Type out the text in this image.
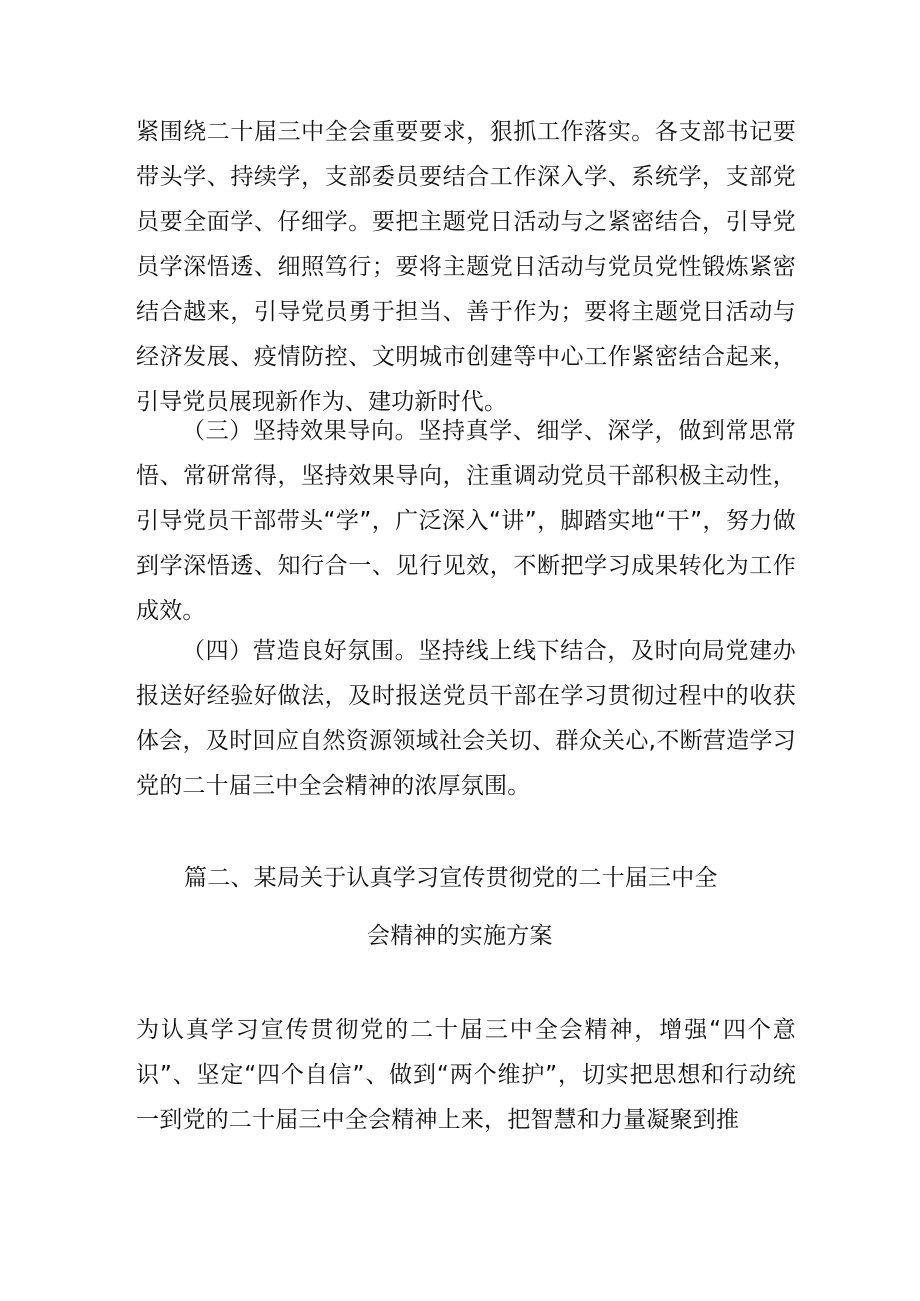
紧围绕二十届三中全会重要要求，狠抓工作落实。各支部书记要带头学、持续学，支部委员要结合工作深入学、系统学，支部党员要全面学、仔细学。要把主题党日活动与之紧密结合，引导党员学深悟透、细照笃行；要将主题党日活动与党员党性锻炼紧密结合越来，引导党员勇于担当、善于作为；要将主题党日活动与经济发展、疫情防控、文明城市创建等中心工作紧密结合起来，引导党员展现新作为、建功新时代。

（三）坚持效果导向。坚持真学、细学、深学，做到常思常悟、常研常得，坚持效果导向，注重调动党员干部积极主动性，引导党员干部带头“学”，广泛深入“讲”，脚踏实地“干”，努力做到学深悟透、知行合一、见行见效，不断把学习成果转化为工作成效。

（四）营造良好氛围。坚持线上线下结合，及时向局党建办报送好经验好做法，及时报送党员干部在学习贯彻过程中的收获体会，及时回应自然资源领域社会关切、群众关心,不断营造学习党的二十届三中全会精神的浓厚氛围。

篇二、某局关于认真学习宣传贯彻党的二十届三中全
会精神的实施方案

为认真学习宣传贯彻党的二十届三中全会精神，增强“四个意识”、坚定“四个自信”、做到“两个维护”，切实把思想和行动统一到党的二十届三中全会精神上来，把智慧和力量凝聚到推
